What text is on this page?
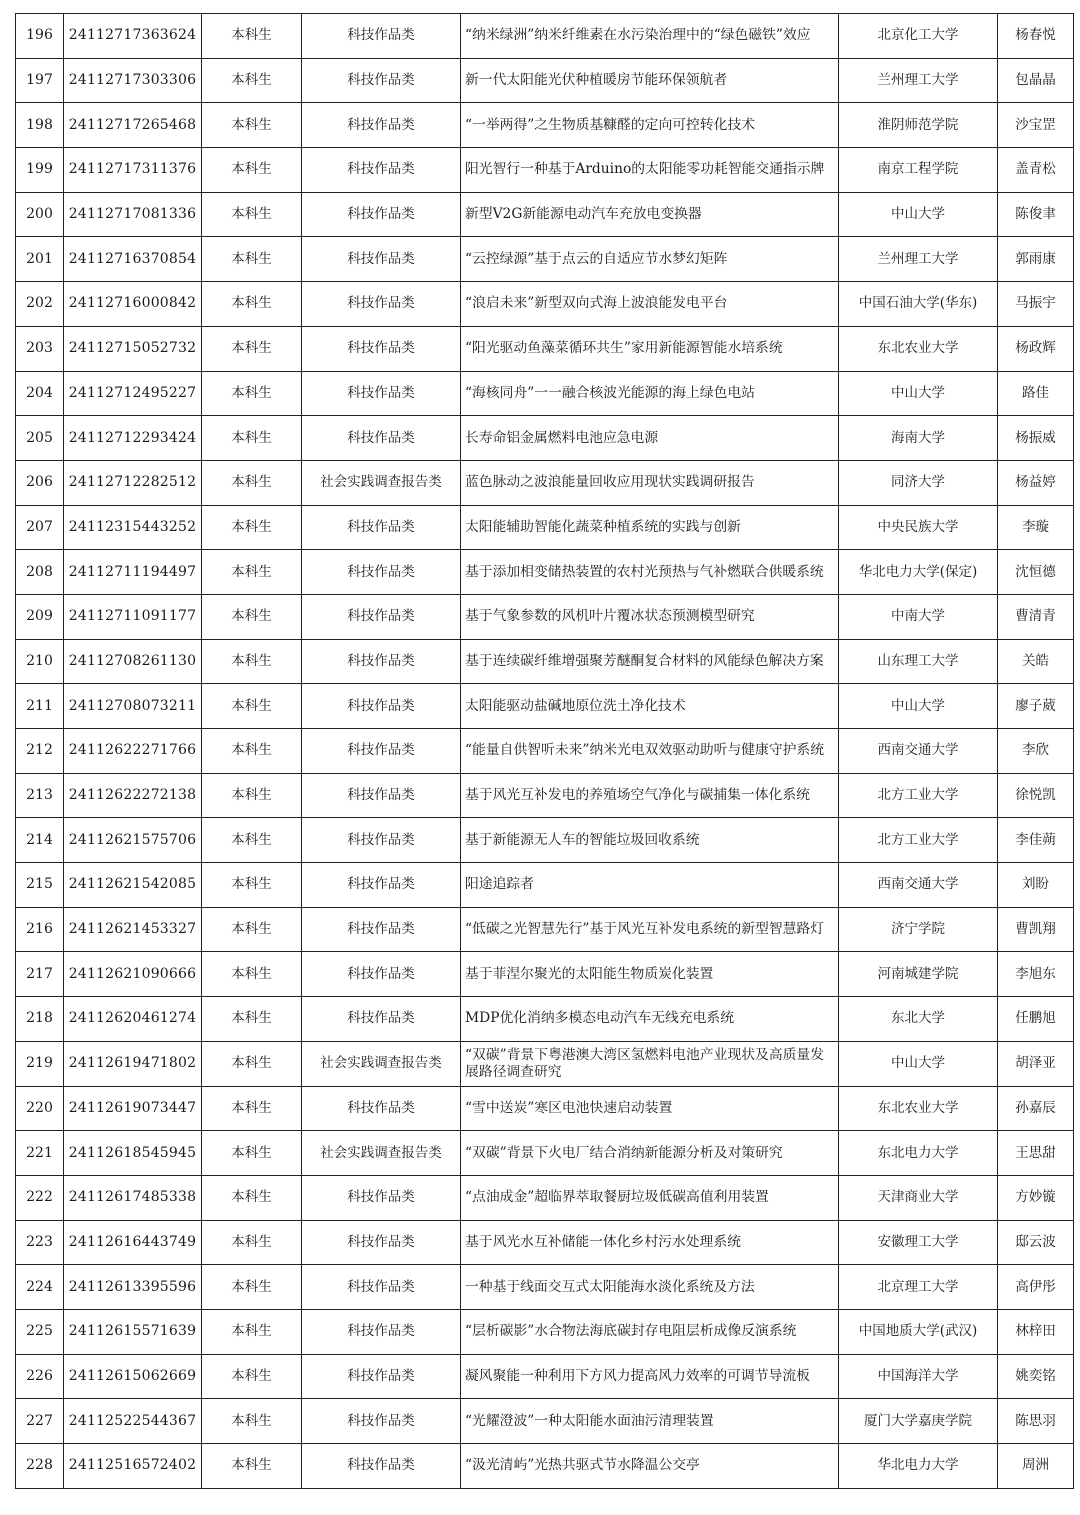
196	24112717363624	本科生	科技作品类	“纳米绿洲”纳米纤维素在水污染治理中的“绿色磁铁”效应	北京化工大学	杨春悦
197	24112717303306	本科生	科技作品类	新一代太阳能光伏种植暖房节能环保领航者	兰州理工大学	包晶晶
198	24112717265468	本科生	科技作品类	“一举两得”之生物质基糠醛的定向可控转化技术	淮阴师范学院	沙宝罡
199	24112717311376	本科生	科技作品类	阳光智行一种基于Arduino的太阳能零功耗智能交通指示牌	南京工程学院	盖青松
200	24112717081336	本科生	科技作品类	新型V2G新能源电动汽车充放电变换器	中山大学	陈俊聿
201	24112716370854	本科生	科技作品类	“云控绿源”基于点云的自适应节水梦幻矩阵	兰州理工大学	郭雨康
202	24112716000842	本科生	科技作品类	“浪启未来”新型双向式海上波浪能发电平台	中国石油大学(华东)	马振宇
203	24112715052732	本科生	科技作品类	“阳光驱动鱼藻菜循环共生”家用新能源智能水培系统	东北农业大学	杨政辉
204	24112712495227	本科生	科技作品类	“海核同舟”一一融合核波光能源的海上绿色电站	中山大学	路佳
205	24112712293424	本科生	科技作品类	长寿命铝金属燃料电池应急电源	海南大学	杨振威
206	24112712282512	本科生	社会实践调查报告类	蓝色脉动之波浪能量回收应用现状实践调研报告	同济大学	杨益婷
207	24112315443252	本科生	科技作品类	太阳能辅助智能化蔬菜种植系统的实践与创新	中央民族大学	李璇
208	24112711194497	本科生	科技作品类	基于添加相变储热装置的农村光预热与气补燃联合供暖系统	华北电力大学(保定)	沈恒德
209	24112711091177	本科生	科技作品类	基于气象参数的风机叶片覆冰状态预测模型研究	中南大学	曹清青
210	24112708261130	本科生	科技作品类	基于连续碳纤维增强聚芳醚酮复合材料的风能绿色解决方案	山东理工大学	关皓
211	24112708073211	本科生	科技作品类	太阳能驱动盐碱地原位洗土净化技术	中山大学	廖子葳
212	24112622271766	本科生	科技作品类	“能量自供智听未来”纳米光电双效驱动助听与健康守护系统	西南交通大学	李欣
213	24112622272138	本科生	科技作品类	基于风光互补发电的养殖场空气净化与碳捕集一体化系统	北方工业大学	徐悦凯
214	24112621575706	本科生	科技作品类	基于新能源无人车的智能垃圾回收系统	北方工业大学	李佳蒴
215	24112621542085	本科生	科技作品类	阳途追踪者	西南交通大学	刘盼
216	24112621453327	本科生	科技作品类	“低碳之光智慧先行”基于风光互补发电系统的新型智慧路灯	济宁学院	曹凯翔
217	24112621090666	本科生	科技作品类	基于菲涅尔聚光的太阳能生物质炭化装置	河南城建学院	李旭东
218	24112620461274	本科生	科技作品类	MDP优化消纳多模态电动汽车无线充电系统	东北大学	任鹏旭
219	24112619471802	本科生	社会实践调查报告类	“双碳”背景下粤港澳大湾区氢燃料电池产业现状及高质量发展路径调查研究	中山大学	胡泽亚
220	24112619073447	本科生	科技作品类	“雪中送炭”寒区电池快速启动装置	东北农业大学	孙嘉辰
221	24112618545945	本科生	社会实践调查报告类	“双碳”背景下火电厂结合消纳新能源分析及对策研究	东北电力大学	王思甜
222	24112617485338	本科生	科技作品类	“点油成金”超临界萃取餐厨垃圾低碳高值利用装置	天津商业大学	方妙镟
223	24112616443749	本科生	科技作品类	基于风光水互补储能一体化乡村污水处理系统	安徽理工大学	邸云波
224	24112613395596	本科生	科技作品类	一种基于线面交互式太阳能海水淡化系统及方法	北京理工大学	高伊彤
225	24112615571639	本科生	科技作品类	“层析碳影”水合物法海底碳封存电阻层析成像反演系统	中国地质大学(武汉)	林梓田
226	24112615062669	本科生	科技作品类	凝风聚能一种利用下方风力提高风力效率的可调节导流板	中国海洋大学	姚奕铭
227	24112522544367	本科生	科技作品类	“光耀澄波”一种太阳能水面油污清理装置	厦门大学嘉庚学院	陈思羽
228	24112516572402	本科生	科技作品类	“汲光清屿”光热共驱式节水降温公交亭	华北电力大学	周洲
